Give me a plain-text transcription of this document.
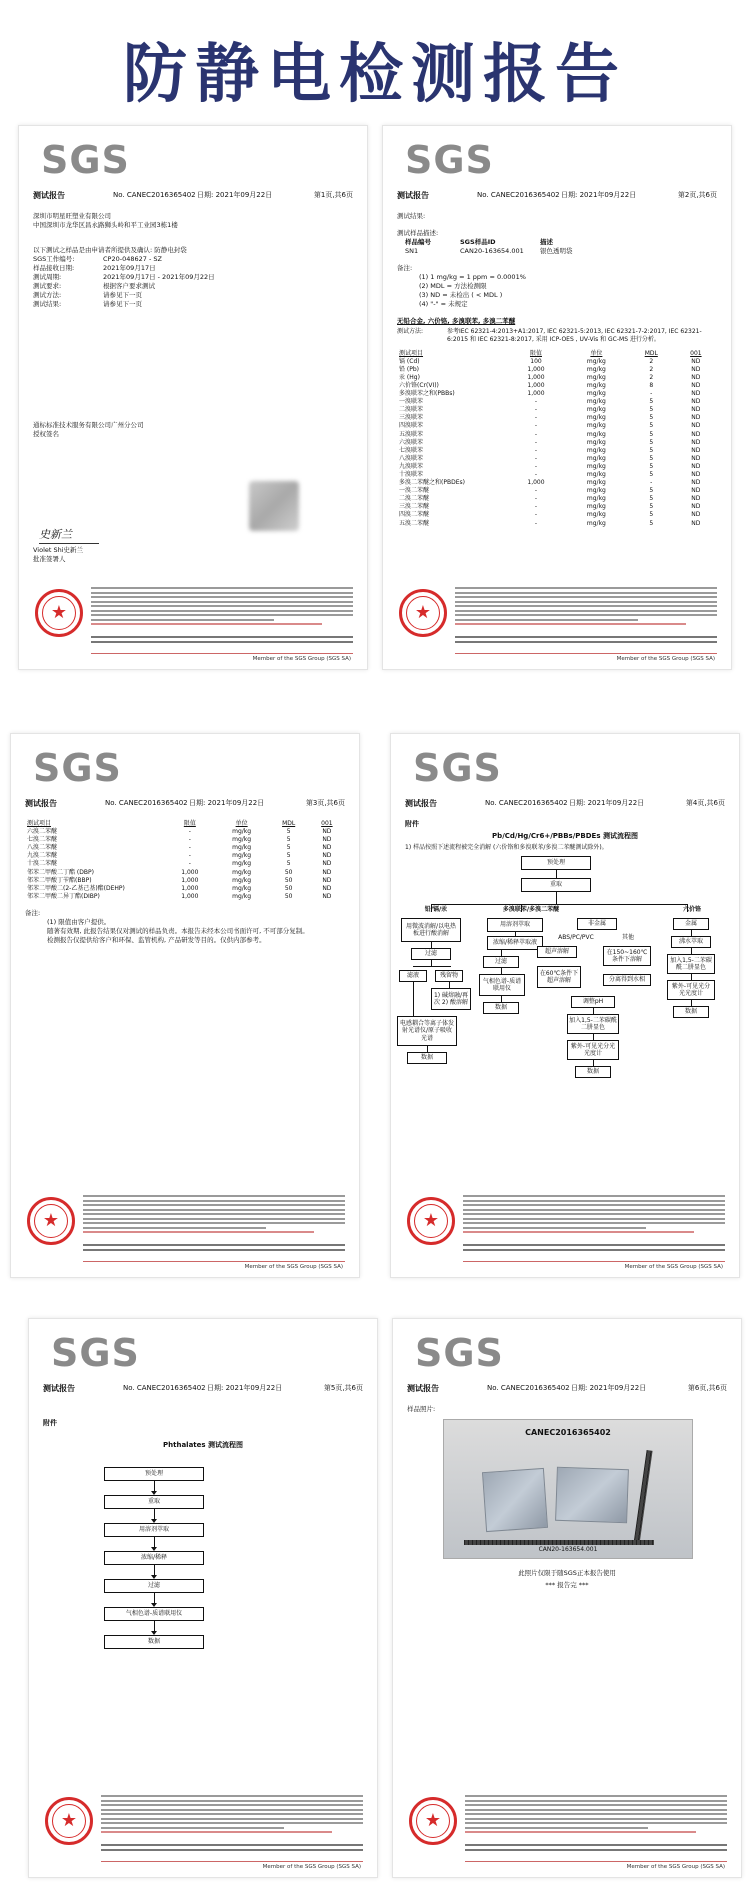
防静电检测报告
SGS
测试报告	No. CANEC2016365402 日期: 2021年09月22日	第1页,共6页
深圳市明星旺塑业有限公司
中国深圳市龙华区昌永路狮头岭和平工业园3栋1楼
以下测试之样品是由申请者所提供及确认:
防静电封袋
SGS工作编号:	CP20-048627 - SZ
样品接收日期:	2021年09月17日
测试周期:	2021年09月17日 - 2021年09月22日
测试要求:	根据客户要求测试
测试方法:	请参见下一页
测试结果:	请参见下一页
通标标准技术服务有限公司广州分公司
授权签名
史新兰
Violet Shi史新兰
批准签署人
★
Member of the SGS Group (SGS SA)
SGS
测试报告	No. CANEC2016365402 日期: 2021年09月22日	第2页,共6页
测试结果:
测试样品描述:
样品编号	SGS样品ID	描述
SN1	CAN20-163654.001	银色透明袋
备注:
(1) 1 mg/kg = 1 ppm = 0.0001%
(2) MDL = 方法检测限
(3) ND = 未检出 ( < MDL )
(4) "-" = 未规定
无铅合金, 六价铬, 多溴联苯, 多溴二苯醚
测试方法:	参考IEC 62321-4:2013+A1:2017, IEC 62321-5:2013, IEC 62321-7-2:2017, IEC 62321-6:2015 和 IEC 62321-8:2017, 采用 ICP-OES , UV-Vis 和 GC-MS 进行分析。
测试项目	限值	单位	MDL	001
镉 (Cd)	100	mg/kg	2	ND
铅 (Pb)	1,000	mg/kg	2	ND
汞 (Hg)	1,000	mg/kg	2	ND
六价铬(Cr(VI))	1,000	mg/kg	8	ND
多溴联苯之和(PBBs)	1,000	mg/kg	-	ND
一溴联苯	-	mg/kg	5	ND
二溴联苯	-	mg/kg	5	ND
三溴联苯	-	mg/kg	5	ND
四溴联苯	-	mg/kg	5	ND
五溴联苯	-	mg/kg	5	ND
六溴联苯	-	mg/kg	5	ND
七溴联苯	-	mg/kg	5	ND
八溴联苯	-	mg/kg	5	ND
九溴联苯	-	mg/kg	5	ND
十溴联苯	-	mg/kg	5	ND
多溴二苯醚之和(PBDEs)	1,000	mg/kg	-	ND
一溴二苯醚	-	mg/kg	5	ND
二溴二苯醚	-	mg/kg	5	ND
三溴二苯醚	-	mg/kg	5	ND
四溴二苯醚	-	mg/kg	5	ND
五溴二苯醚	-	mg/kg	5	ND
★
Member of the SGS Group (SGS SA)
SGS
测试报告	No. CANEC2016365402 日期: 2021年09月22日	第3页,共6页
测试项目	限值	单位	MDL	001
六溴二苯醚	-	mg/kg	5	ND
七溴二苯醚	-	mg/kg	5	ND
八溴二苯醚	-	mg/kg	5	ND
九溴二苯醚	-	mg/kg	5	ND
十溴二苯醚	-	mg/kg	5	ND
邻苯二甲酸二丁酯 (DBP)	1,000	mg/kg	50	ND
邻苯二甲酸丁苄酯(BBP)	1,000	mg/kg	50	ND
邻苯二甲酸二(2-乙基己基)酯(DEHP)	1,000	mg/kg	50	ND
邻苯二甲酸二异丁酯(DIBP)	1,000	mg/kg	50	ND
备注:
(1) 限值由客户提供。
随著有效期, 此报告结果仅对测试的样品负责。本报告未经本公司书面许可, 不可部分复制。
检测报告仅提供给客户和环保、监管机构, 产品研发等目的。仅供内部参考。
★
Member of the SGS Group (SGS SA)
SGS
测试报告	No. CANEC2016365402 日期: 2021年09月22日	第4页,共6页
附件
Pb/Cd/Hg/Cr6+/PBBs/PBDEs 测试流程图
1) 样品按照下述流程被完全消解 (六价铬和多溴联苯/多溴二苯醚测试除外)。
预处理
重取
铅/镉/汞	多溴联苯/多溴二苯醚	六价铬
用微波消解/以电热板进行酸消解
过滤
滤液	残留物
1) 碱熔融/再次 2) 酸溶解
电感耦合等离子体发射光谱仪/原子吸收光谱
数据
用溶剂萃取
浓缩/稀释萃取液
过滤
气相色谱-质谱联用仪
数据
非金属	金属
ABS/PC/PVC	其他
超声溶解	在150~160℃条件下溶解
在60℃条件下超声溶解	分离得到水相
调整pH
加入1,5-二苯碳酰二肼显色
紫外-可见光分光光度计
数据
沸水萃取
加入1,5-二苯碳酰二肼显色
紫外-可见光分光光度计
数据
★
Member of the SGS Group (SGS SA)
SGS
测试报告	No. CANEC2016365402 日期: 2021年09月22日	第5页,共6页
附件
Phthalates 测试流程图
预处理
重取
用溶剂萃取
浓缩/稀释
过滤
气相色谱-质谱联用仪
数据
★
Member of the SGS Group (SGS SA)
SGS
测试报告	No. CANEC2016365402 日期: 2021年09月22日	第6页,共6页
样品照片:
CANEC2016365402
CAN20-163654.001
此照片仅限于随SGS正本报告使用
*** 报告完 ***
★
Member of the SGS Group (SGS SA)
